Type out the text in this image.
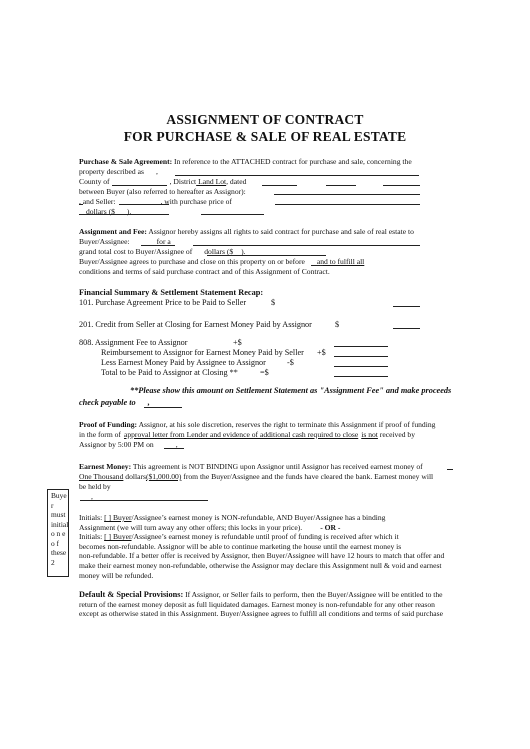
ASSIGNMENT OF CONTRACT
FOR PURCHASE & SALE OF REAL ESTATE
Purchase & Sale Agreement: In reference to the ATTACHED contract for purchase and sale, concerning the
property described as ,
County of	, District Land Lot, dated
between Buyer (also referred to hereafter as Assignor):
, and Seller:	, with purchase price of
dollars ($ ).
Assignment and Fee: Assignor hereby assigns all rights to said contract for purchase and sale of real estate to
Buyer/Assignee:	for a
grand total cost to Buyer/Assignee of dollars ($ ).
Buyer/Assignee agrees to purchase and close on this property on or before and to fulfill all
conditions and terms of said purchase contract and of this Assignment of Contract.
Financial Summary & Settlement Statement Recap:
101. Purchase Agreement Price to be Paid to Seller	$
201. Credit from Seller at Closing for Earnest Money Paid by Assignor	$
808. Assignment Fee to Assignor	+$
Reimbursement to Assignor for Earnest Money Paid by Seller +$
Less Earnest Money Paid by Assignee to Assignor	-$
Total to be Paid to Assignor at Closing **	=$
**Please show this amount on Settlement Statement as "Assignment Fee" and make proceeds
check payable to ,
Proof of Funding: Assignor, at his sole discretion, reserves the right to terminate this Assignment if proof of funding
in the form of approval letter from Lender and evidence of additional cash required to close is not received by
Assignor by 5:00 PM on	,
Earnest Money: This agreement is NOT BINDING upon Assignor until Assignor has received earnest money of
One Thousand dollars($1,000.00) from the Buyer/Assignee and the funds have cleared the bank. Earnest money will
be held by
,
Buye
r
must
initial
o n e
o f
these
2
Initials: [ ] Buyer/Assignee’s earnest money is NON-refundable, AND Buyer/Assignee has a binding
Assignment (we will turn away any other offers; this locks in your price). - OR -
Initials: [ ] Buyer/Assignee’s earnest money is refundable until proof of funding is received after which it
becomes non-refundable. Assignor will be able to continue marketing the house until the earnest money is
non-refundable. If a better offer is received by Assignor, then Buyer/Assignee will have 12 hours to match that offer and
make their earnest money non-refundable, otherwise the Assignor may declare this Assignment null & void and earnest
money will be refunded.
Default & Special Provisions: If Assignor, or Seller fails to perform, then the Buyer/Assignee will be entitled to the
return of the earnest money deposit as full liquidated damages. Earnest money is non-refundable for any other reason
except as otherwise stated in this Assignment. Buyer/Assignee agrees to fulfill all conditions and terms of said purchase
